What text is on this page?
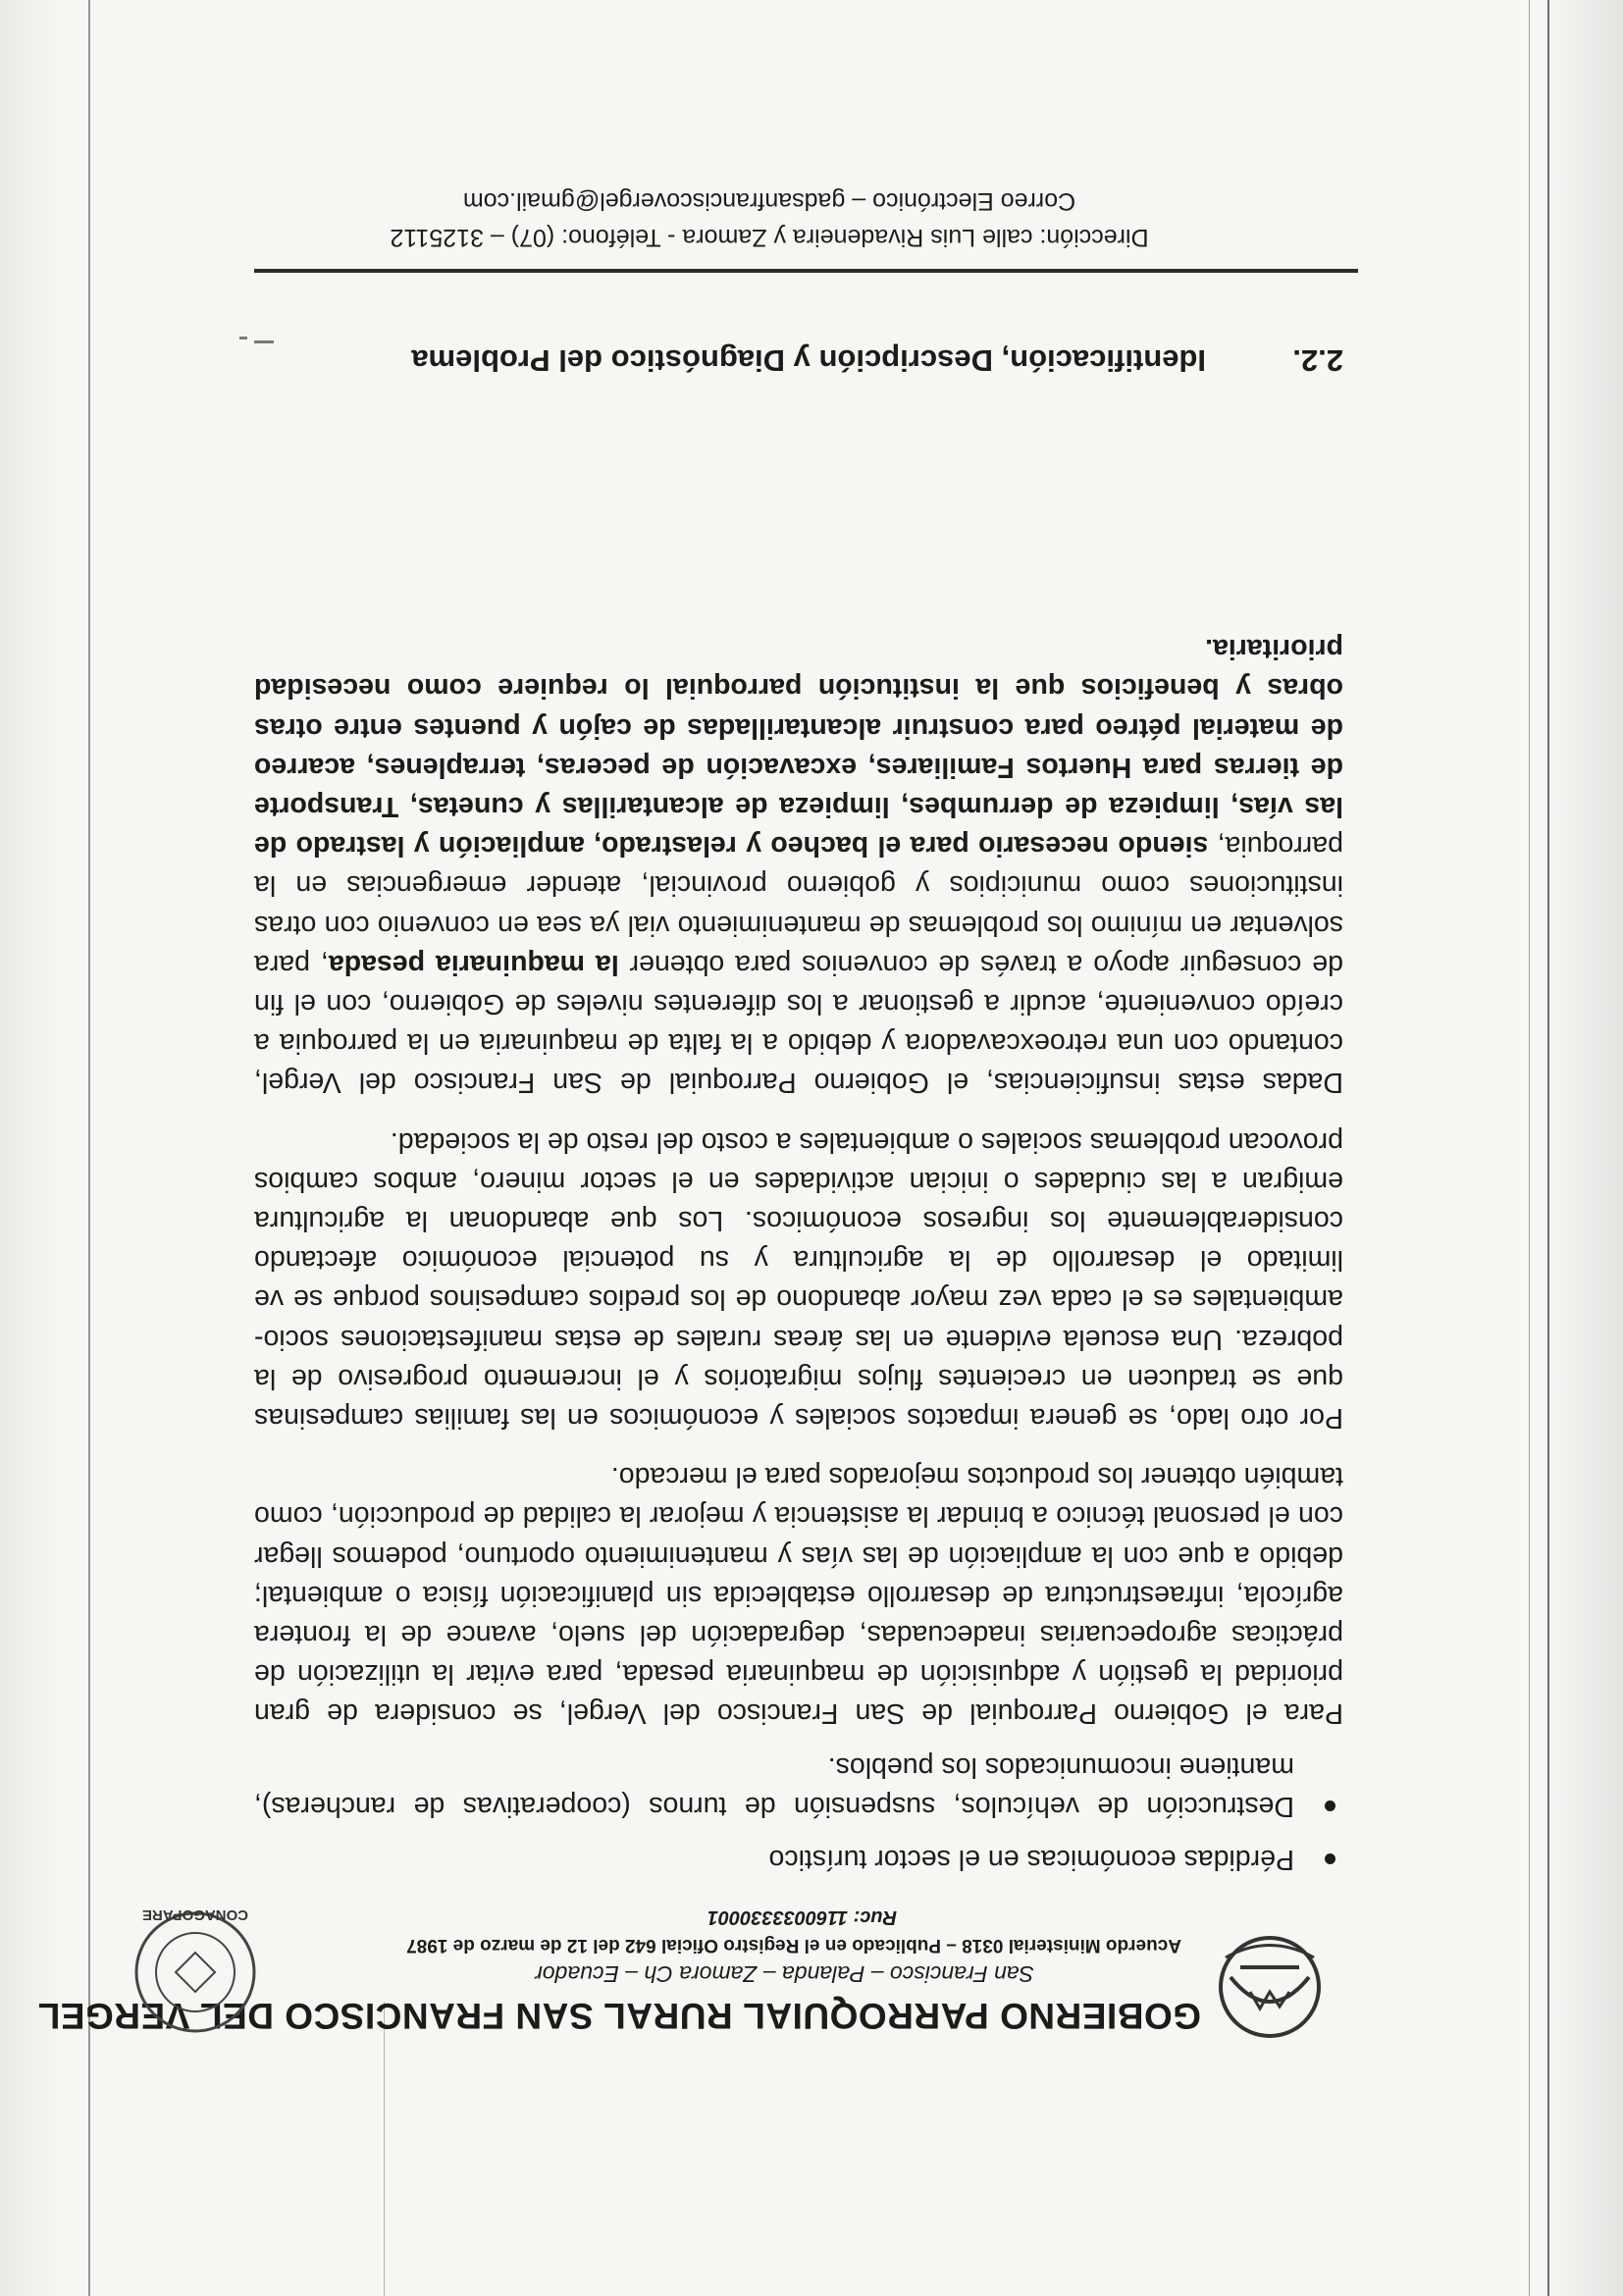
GOBIERNO PARROQUIAL RURAL SAN FRANCISCO DEL VERGEL
San Francisco – Palanda – Zamora Ch – Ecuador
Acuerdo Ministerial 0318 – Publicado en el Registro Oficial 642 del 12 de marzo de 1987
Ruc: 1160033330001
CONAGOPARE
Pérdidas económicas en el sector turístico
Destrucción de vehículos, suspensión de turnos (cooperativas de rancheras), mantiene incomunicados los pueblos.

Para el Gobierno Parroquial de San Francisco del Vergel, se considera de gran prioridad la gestión y adquisición de maquinaria pesada, para evitar la utilización de prácticas agropecuarias inadecuadas, degradación del suelo, avance de la frontera agrícola, infraestructura de desarrollo establecida sin planificación física o ambiental; debido a que con la ampliación de las vías y mantenimiento oportuno, podemos llegar con el personal técnico a brindar la asistencia y mejorar la calidad de producción, como también obtener los productos mejorados para el mercado.

Por otro lado, se genera impactos sociales y económicos en las familias campesinas que se traducen en crecientes flujos migratorios y el incremento progresivo de la pobreza. Una escuela evidente en las áreas rurales de estas manifestaciones socio-ambientales es el cada vez mayor abandono de los predios campesinos porque se ve limitado el desarrollo de la agricultura y su potencial económico afectando considerablemente los ingresos económicos. Los que abandonan la agricultura emigran a las ciudades o inician actividades en el sector minero, ambos cambios provocan problemas sociales o ambientales a costo del resto de la sociedad.

Dadas estas insuficiencias, el Gobierno Parroquial de San Francisco del Vergel, contando con una retroexcavadora y debido a la falta de maquinaria en la parroquia a creído conveniente, acudir a gestionar a los diferentes niveles de Gobierno, con el fin de conseguir apoyo a través de convenios para obtener la maquinaria pesada, para solventar en mínimo los problemas de mantenimiento vial ya sea en convenio con otras instituciones como municipios y gobierno provincial, atender emergencias en la parroquia, siendo necesario para el bacheo y relastrado, ampliación y lastrado de las vías, limpieza de derrumbes, limpieza de alcantarillas y cunetas, Transporte de tierras para Huertos Familiares, excavación de peceras, terraplenes, acarreo de material pétreo para construir alcantarilladas de cajón y puentes entre otras obras y beneficios que la institución parroquial lo requiere como necesidad prioritaria.

2.2.Identificación, Descripción y Diagnóstico del Problema
Dirección: calle Luis Rivadeneira y Zamora - Teléfono: (07) – 3125112
Correo Electrónico – gadsanfranciscovergel@gmail.com
